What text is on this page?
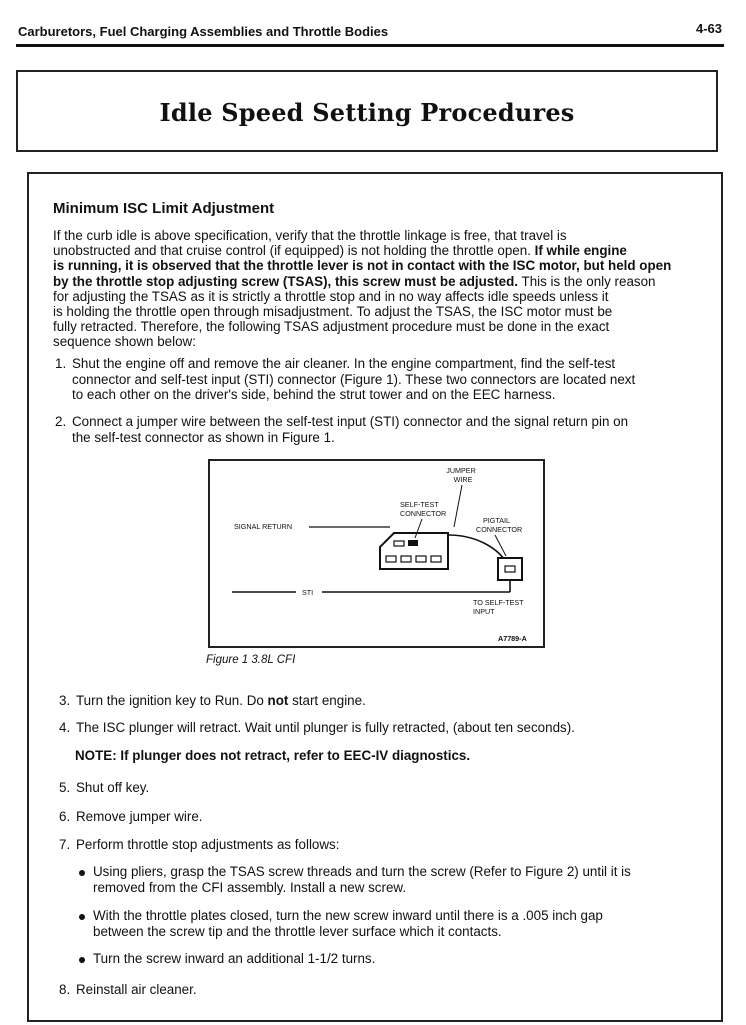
Carburetors, Fuel Charging Assemblies and Throttle Bodies	4-63
Idle Speed Setting Procedures
Minimum ISC Limit Adjustment
If the curb idle is above specification, verify that the throttle linkage is free, that travel is
unobstructed and that cruise control (if equipped) is not holding the throttle open. If while engine
is running, it is observed that the throttle lever is not in contact with the ISC motor, but held open
by the throttle stop adjusting screw (TSAS), this screw must be adjusted. This is the only reason
for adjusting the TSAS as it is strictly a throttle stop and in no way affects idle speeds unless it
is holding the throttle open through misadjustment. To adjust the TSAS, the ISC motor must be
fully retracted. Therefore, the following TSAS adjustment procedure must be done in the exact
sequence shown below:
1. Shut the engine off and remove the air cleaner. In the engine compartment, find the self-test
connector and self-test input (STI) connector (Figure 1). These two connectors are located next
to each other on the driver's side, behind the strut tower and on the EEC harness.
2. Connect a jumper wire between the self-test input (STI) connector and the signal return pin on
the self-test connector as shown in Figure 1.
JUMPER
WIRE
SELF-TEST
CONNECTOR
PIGTAIL
CONNECTOR
SIGNAL RETURN
STI
TO SELF-TEST
INPUT
A7789-A
Figure 1 3.8L CFI
3. Turn the ignition key to Run. Do not start engine.
4. The ISC plunger will retract. Wait until plunger is fully retracted, (about ten seconds).
NOTE: If plunger does not retract, refer to EEC-IV diagnostics.
5. Shut off key.
6. Remove jumper wire.
7. Perform throttle stop adjustments as follows:
Using pliers, grasp the TSAS screw threads and turn the screw (Refer to Figure 2) until it is
removed from the CFI assembly. Install a new screw.
With the throttle plates closed, turn the new screw inward until there is a .005 inch gap
between the screw tip and the throttle lever surface which it contacts.
Turn the screw inward an additional 1-1/2 turns.
8. Reinstall air cleaner.
